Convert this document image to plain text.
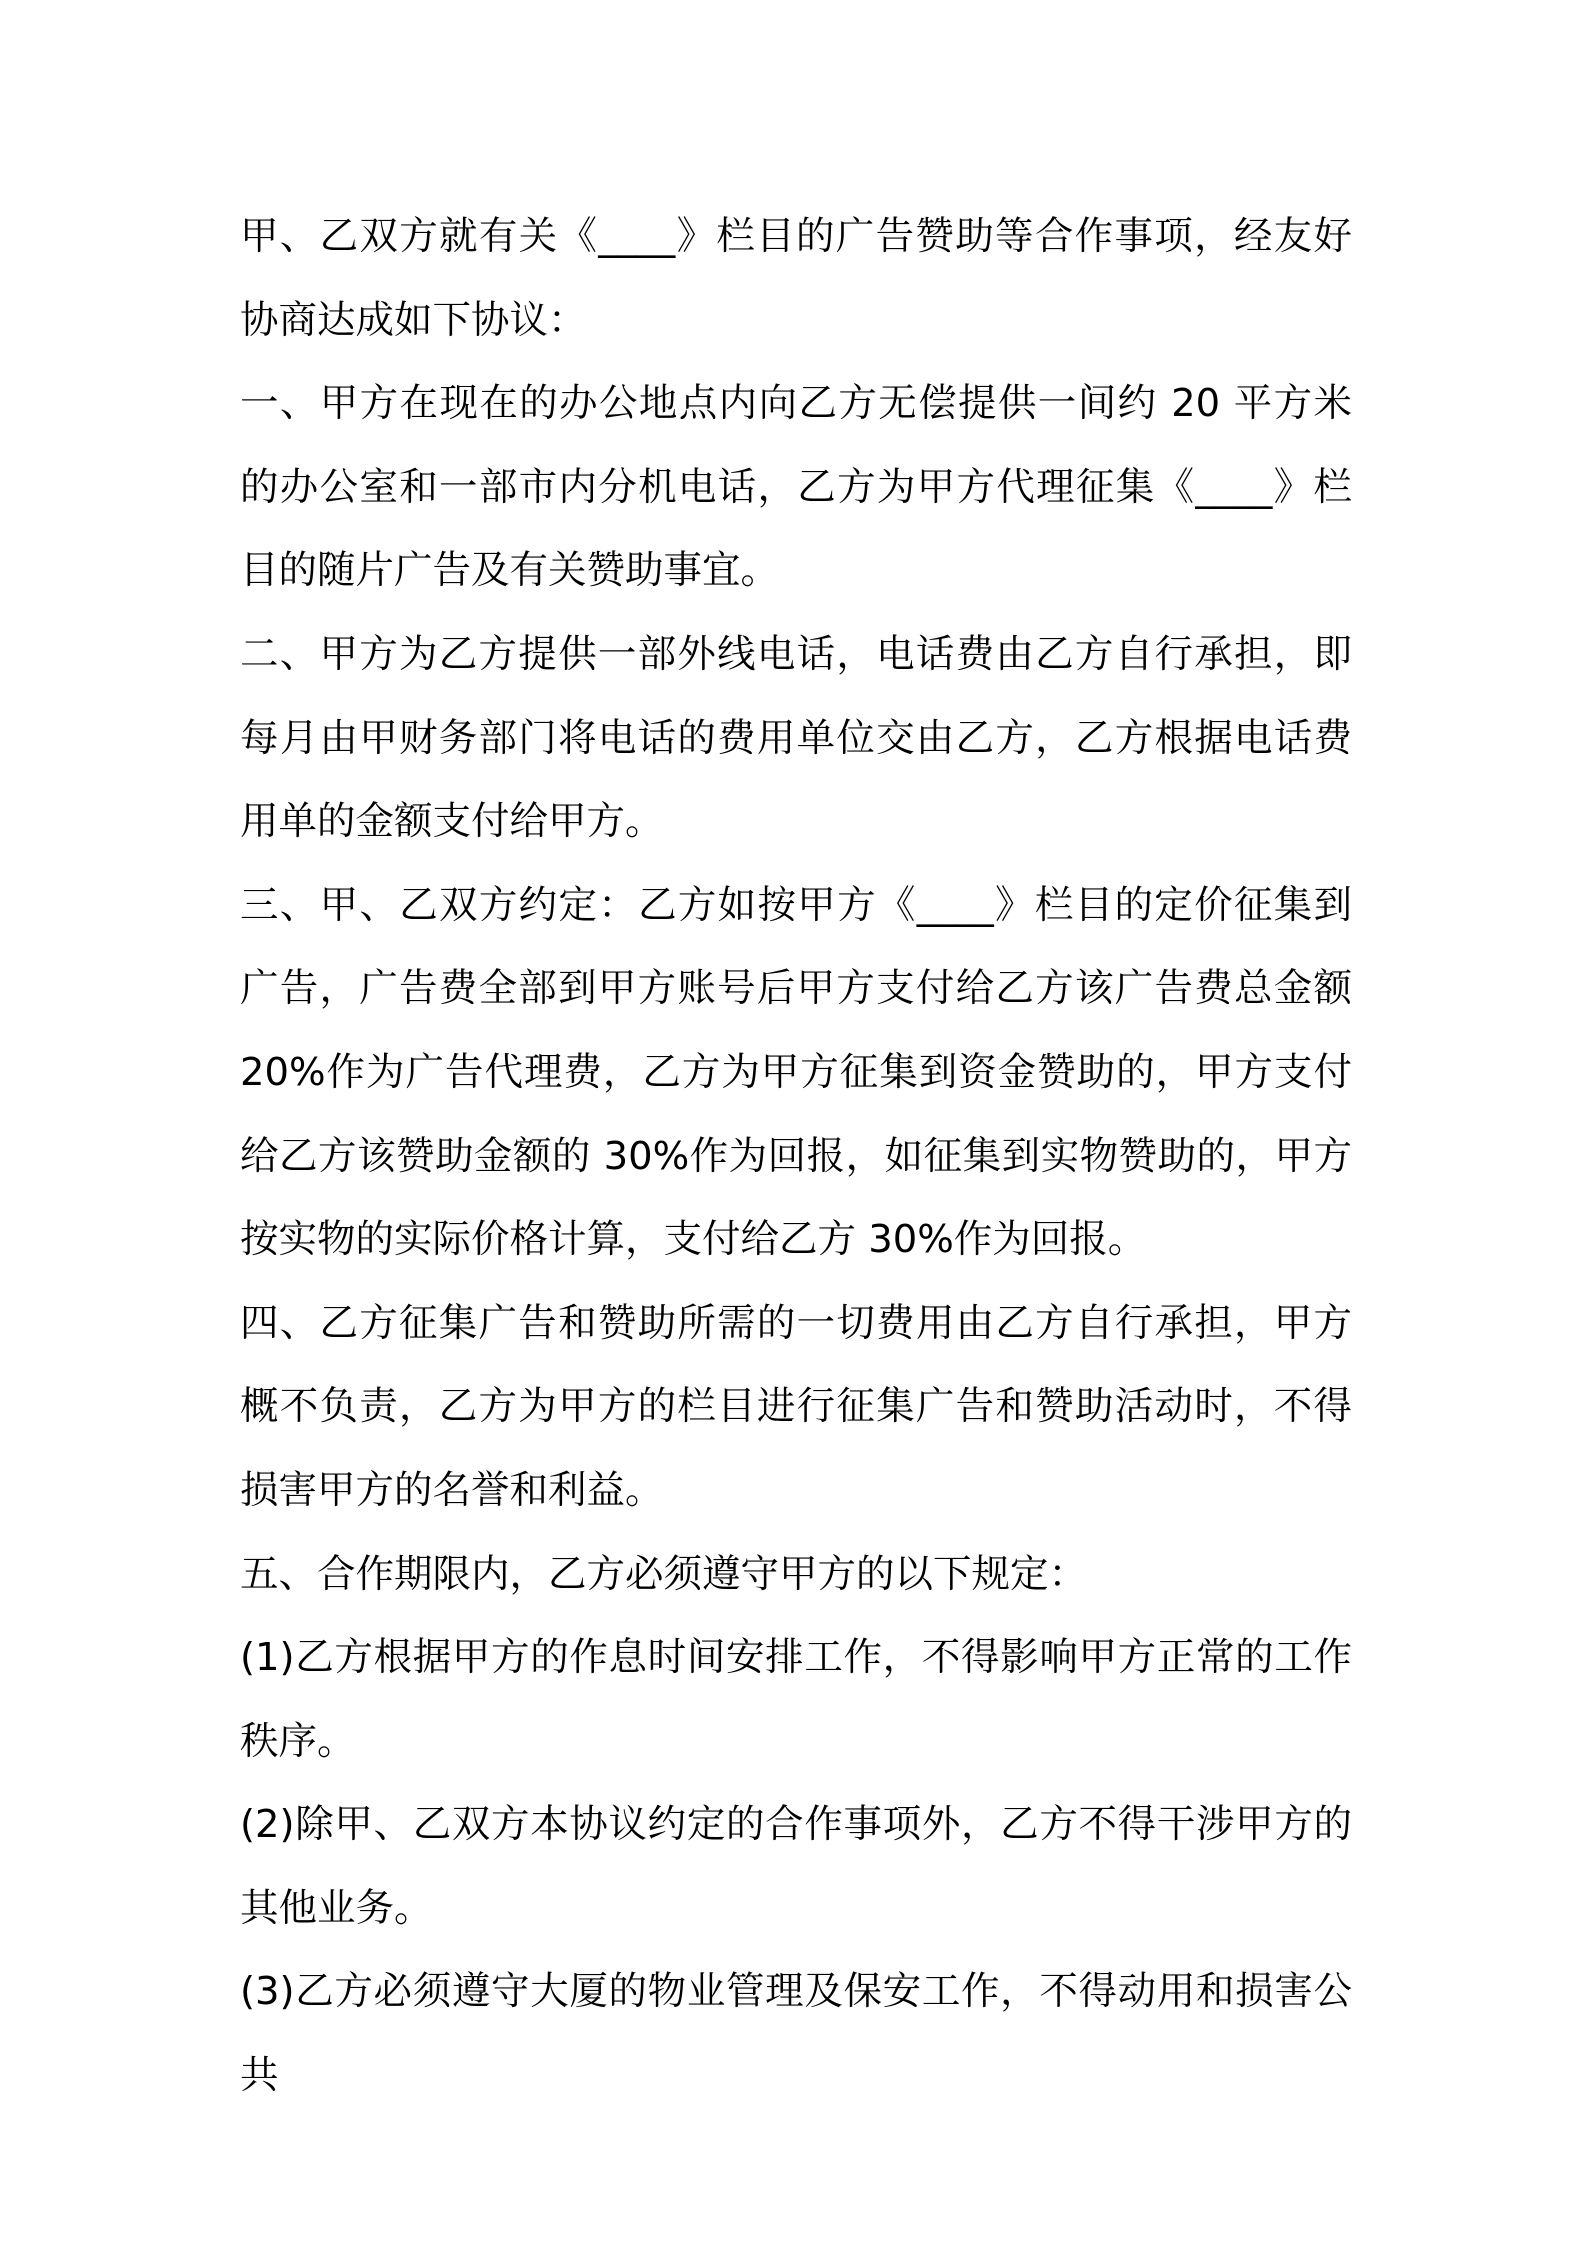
甲、乙双方就有关《____》栏目的广告赞助等合作事项，经友好协商达成如下协议：

一、甲方在现在的办公地点内向乙方无偿提供一间约 20 平方米的办公室和一部市内分机电话，乙方为甲方代理征集《____》栏目的随片广告及有关赞助事宜。

二、甲方为乙方提供一部外线电话，电话费由乙方自行承担，即每月由甲财务部门将电话的费用单位交由乙方，乙方根据电话费用单的金额支付给甲方。

三、甲、乙双方约定：乙方如按甲方《____》栏目的定价征集到广告，广告费全部到甲方账号后甲方支付给乙方该广告费总金额 20%作为广告代理费，乙方为甲方征集到资金赞助的，甲方支付给乙方该赞助金额的 30%作为回报，如征集到实物赞助的，甲方按实物的实际价格计算，支付给乙方 30%作为回报。

四、乙方征集广告和赞助所需的一切费用由乙方自行承担，甲方概不负责，乙方为甲方的栏目进行征集广告和赞助活动时，不得损害甲方的名誉和利益。

五、合作期限内，乙方必须遵守甲方的以下规定：

(1)乙方根据甲方的作息时间安排工作，不得影响甲方正常的工作秩序。

(2)除甲、乙双方本协议约定的合作事项外，乙方不得干涉甲方的其他业务。

(3)乙方必须遵守大厦的物业管理及保安工作，不得动用和损害公共
